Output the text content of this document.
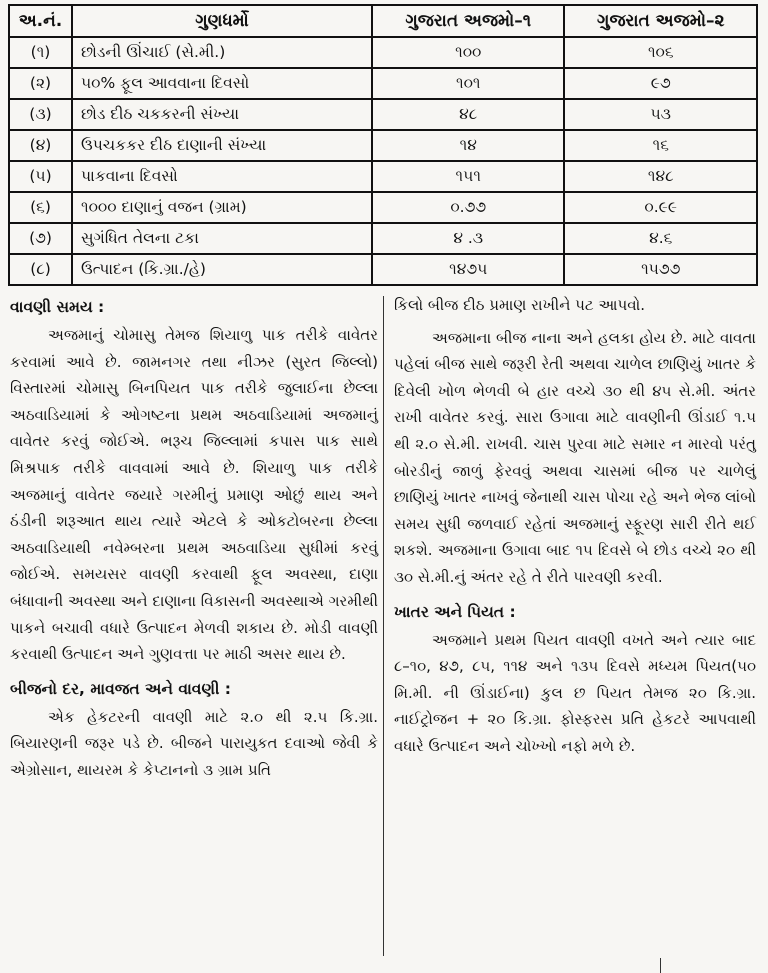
અ.નં.	ગુણધર્મો	ગુજરાત અજમો–૧	ગુજરાત અજમો–૨
(૧)	છોડની ઊંચાઈ (સે.મી.)	૧૦૦	૧૦૬
(૨)	૫૦% ફૂલ આવવાના દિવસો	૧૦૧	૯૭
(૩)	છોડ દીઠ ચકકરની સંખ્યા	૪૮	૫૩
(૪)	ઉપચકકર દીઠ દાણાની સંખ્યા	૧૪	૧૬
(૫)	પાકવાના દિવસો	૧૫૧	૧૪૮
(૬)	૧૦૦૦ દાણાનું વજન (ગ્રામ)	૦.૭૭	૦.૯૯
(૭)	સુગંધિત તેલના ટકા	૪ .૩	૪.૬
(૮)	ઉત્પાદન (કિ.ગ્રા./હે)	૧૪૭૫	૧૫૭૭
વાવણી સમય :

અજમાનું ચોમાસુ તેમજ શિયાળુ પાક તરીકે વાવેતર કરવામાં આવે છે. જામનગર તથા નીઝર (સુરત જિલ્લો) વિસ્તારમાં ચોમાસુ બિનપિયત પાક તરીકે જુલાઈના છેલ્લા અઠવાડિયામાં કે ઓગષ્ટના પ્રથમ અઠવાડિયામાં અજમાનું વાવેતર કરવું જોઈએ. ભરૂચ જિલ્લામાં કપાસ પાક સાથે મિશ્રપાક તરીકે વાવવામાં આવે છે. શિયાળુ પાક તરીકે અજમાનું વાવેતર જયારે ગરમીનું પ્રમાણ ઓછું થાય અને ઠંડીની શરૂઆત થાય ત્યારે એટલે કે ઓકટોબરના છેલ્લા અઠવાડિયાથી નવેમ્બરના પ્રથમ અઠવાડિયા સુધીમાં કરવું જોઈએ. સમયસર વાવણી કરવાથી ફૂલ અવસ્થા, દાણા બંધાવાની અવસ્થા અને દાણાના વિકાસની અવસ્થાએ ગરમીથી પાકને બચાવી વધારે ઉત્પાદન મેળવી શકાય છે. મોડી વાવણી કરવાથી ઉત્પાદન અને ગુણવત્તા પર માઠી અસર થાય છે.

બીજનો દર, માવજત અને વાવણી :

એક હેકટરની વાવણી માટે ૨.૦ થી ૨.૫ કિ.ગ્રા. બિયારણની જરૂર પડે છે. બીજને પારાયુકત દવાઓ જેવી કે એગ્રોસાન, થાયરમ કે કેપ્ટાનનો ૩ ગ્રામ પ્રતિ

કિલો બીજ દીઠ પ્રમાણ રાખીને પટ આપવો.

અજમાના બીજ નાના અને હલકા હોય છે. માટે વાવતા પહેલાં બીજ સાથે જરૂરી રેતી અથવા ચાળેલ છાણિયું ખાતર કે દિવેલી ખોળ ભેળવી બે હાર વચ્ચે ૩૦ થી ૪૫ સે.મી. અંતર રાખી વાવેતર કરવું. સારા ઉગાવા માટે વાવણીની ઊંડાઈ ૧.૫ થી ૨.૦ સે.મી. રાખવી. ચાસ પુરવા માટે સમાર ન મારવો પરંતુ બોરડીનું જાળું ફેરવવું અથવા ચાસમાં બીજ પર ચાળેલું છાણિયું ખાતર નાખવું જેનાથી ચાસ પોચા રહે અને ભેજ લાંબો સમય સુધી જળવાઈ રહેતાં અજમાનું સ્ફૂરણ સારી રીતે થઈ શકશે. અજમાના ઉગાવા બાદ ૧૫ દિવસે બે છોડ વચ્ચે ૨૦ થી ૩૦ સે.મી.નું અંતર રહે તે રીતે પારવણી કરવી.

ખાતર અને પિયત :

અજમાને પ્રથમ પિયત વાવણી વખતે અને ત્યાર બાદ ૮–૧૦, ૪૭, ૮૫, ૧૧૪ અને ૧૩૫ દિવસે મધ્યમ પિયત(૫૦ મિ.મી. ની ઊંડાઈના) કુલ છ પિયત તેમજ ૨૦ કિ.ગ્રા. નાઈટ્રોજન + ૨૦ કિ.ગ્રા. ફોસ્ફરસ પ્રતિ હેકટરે આપવાથી વધારે ઉત્પાદન અને ચોખ્ખો નફો મળે છે.
